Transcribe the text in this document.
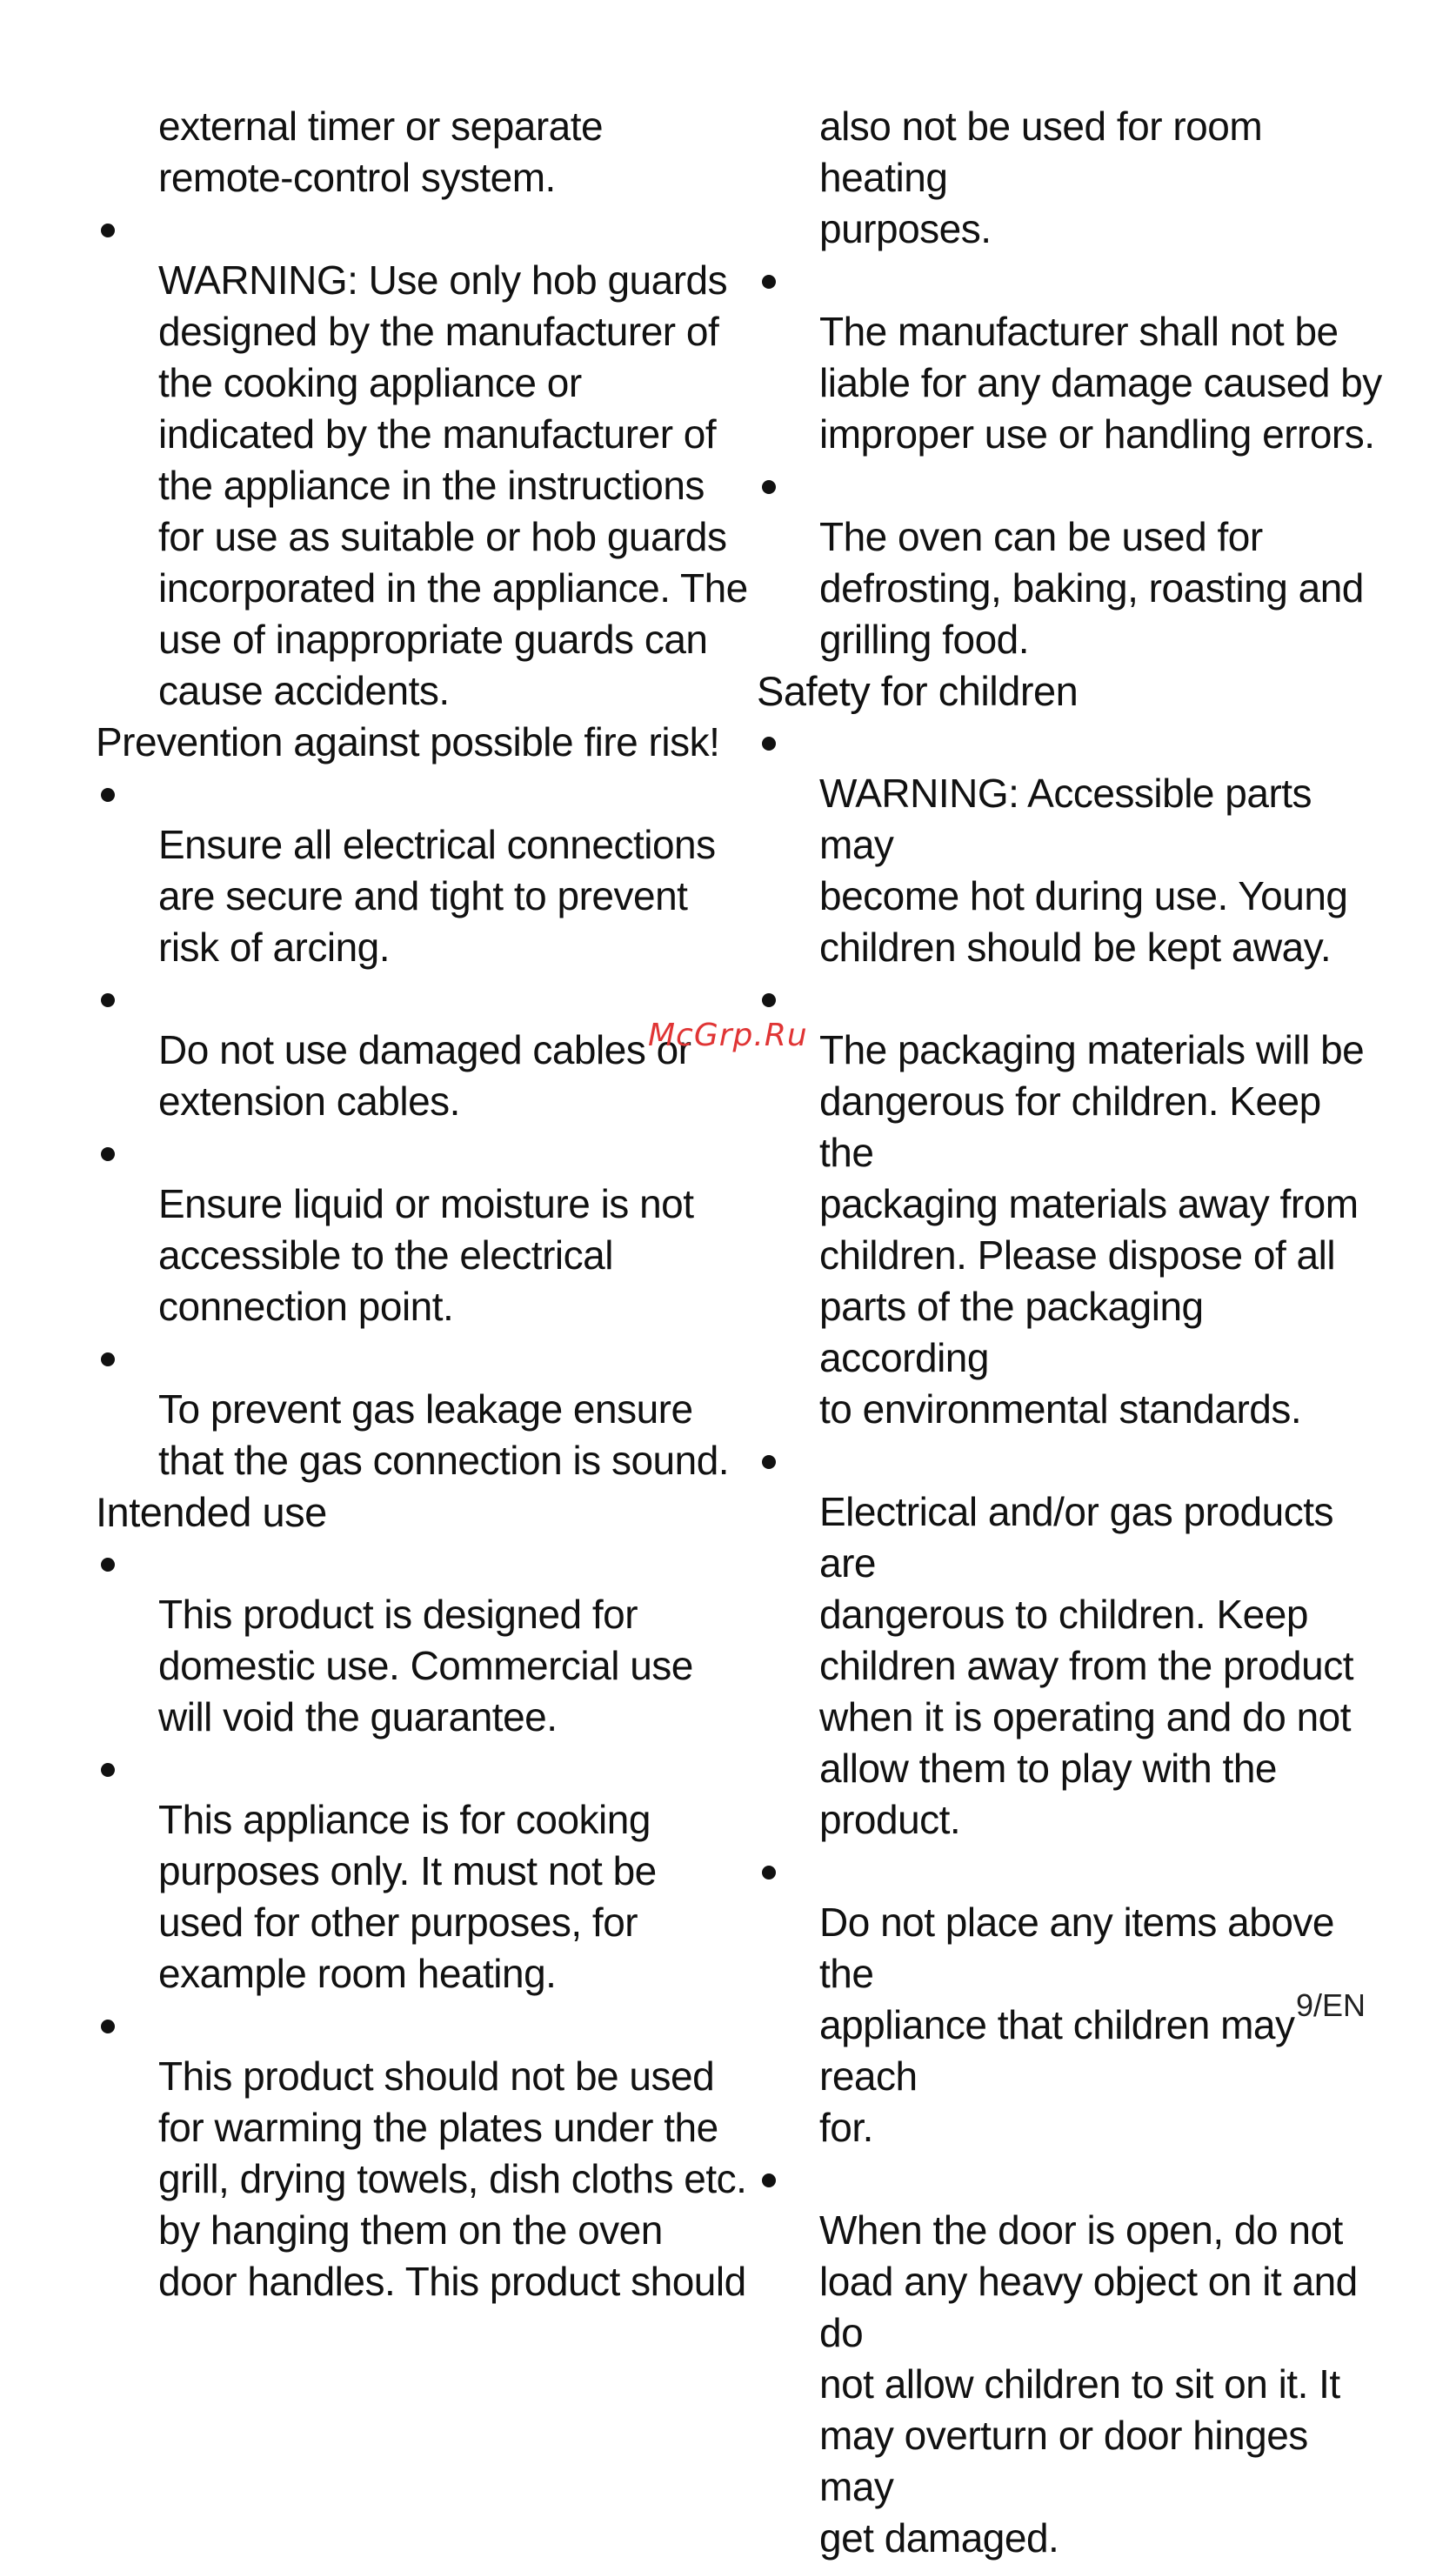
external timer or separate
remote-control system.

WARNING: Use only hob guards
designed by the manufacturer of
the cooking appliance or
indicated by the manufacturer of
the appliance in the instructions
for use as suitable or hob guards
incorporated in the appliance. The
use of inappropriate guards can
cause accidents.

Prevention against possible fire risk!

Ensure all electrical connections
are secure and tight to prevent
risk of arcing.

Do not use damaged cables or
extension cables.

Ensure liquid or moisture is not
accessible to the electrical
connection point.

To prevent gas leakage ensure
that the gas connection is sound.

Intended use

This product is designed for
domestic use. Commercial use
will void the guarantee.

This appliance is for cooking
purposes only. It must not be
used for other purposes, for
example room heating.

This product should not be used
for warming the plates under the
grill, drying towels, dish cloths etc.
by hanging them on the oven
door handles. This product should

also not be used for room heating
purposes.

The manufacturer shall not be
liable for any damage caused by
improper use or handling errors.

The oven can be used for
defrosting, baking, roasting and
grilling food.

Safety for children

WARNING: Accessible parts may
become hot during use. Young
children should be kept away.

The packaging materials will be
dangerous for children. Keep the
packaging materials away from
children. Please dispose of all
parts of the packaging according
to environmental standards.

Electrical and/or gas products are
dangerous to children. Keep
children away from the product
when it is operating and do not
allow them to play with the
product.

Do not place any items above the
appliance that children may reach
for.

When the door is open, do not
load any heavy object on it and do
not allow children to sit on it. It
may overturn or door hinges may
get damaged.

McGrp.Ru
9/EN
